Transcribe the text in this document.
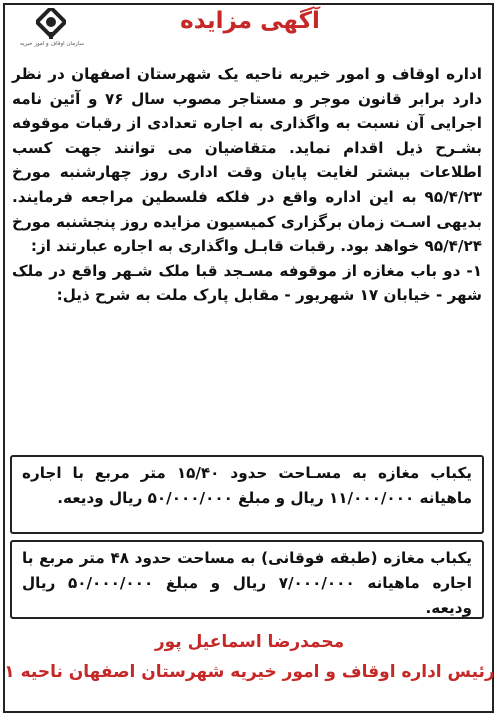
سازمان اوقاف و امور خیریه
آگهی مزایده

اداره اوقاف و امور خیریه ناحیه یک شهرستان اصفهان در نظر دارد برابر قانون موجر و مستاجر مصوب سال ۷۶ و آئین نامه اجرایی آن نسبت به واگذاری به اجاره تعدادی از رقبات موقوفه بشـرح ذیل اقدام نماید. متقاضیان می توانند جهت کسب اطلاعات بیشتر لغایت پایان وقت اداری روز چهارشنبه مورخ ۹۵/۴/۲۳ به این اداره واقع در فلکه فلسطین مراجعه فرمایند. بدیهی اسـت زمان برگزاری کمیسیون مزایده روز پنجشنبه مورخ ۹۵/۴/۲۴ خواهد بود. رقبات قابـل واگذاری به اجاره عبارتند از:

۱- دو باب مغازه از موقوفه مسـجد قبا ملک شـهر واقع در ملک شهر - خیابان ۱۷ شهریور - مقابل پارک ملت به شرح ذیل:

یکباب مغازه به مسـاحت حدود ۱۵/۴۰ متر مربع با اجاره ماهیانه ۱۱/۰۰۰/۰۰۰ ریال و مبلغ ۵۰/۰۰۰/۰۰۰ ریال ودیعه.
یکباب مغازه (طبقه فوقانی) به مساحت حدود ۴۸ متر مربع با اجاره ماهیانه ۷/۰۰۰/۰۰۰ ریال و مبلغ ۵۰/۰۰۰/۰۰۰ ریال ودیعه.
محمدرضا اسماعیل پور
رئیس اداره اوقاف و امور خیریه شهرستان اصفهان ناحیه ۱
